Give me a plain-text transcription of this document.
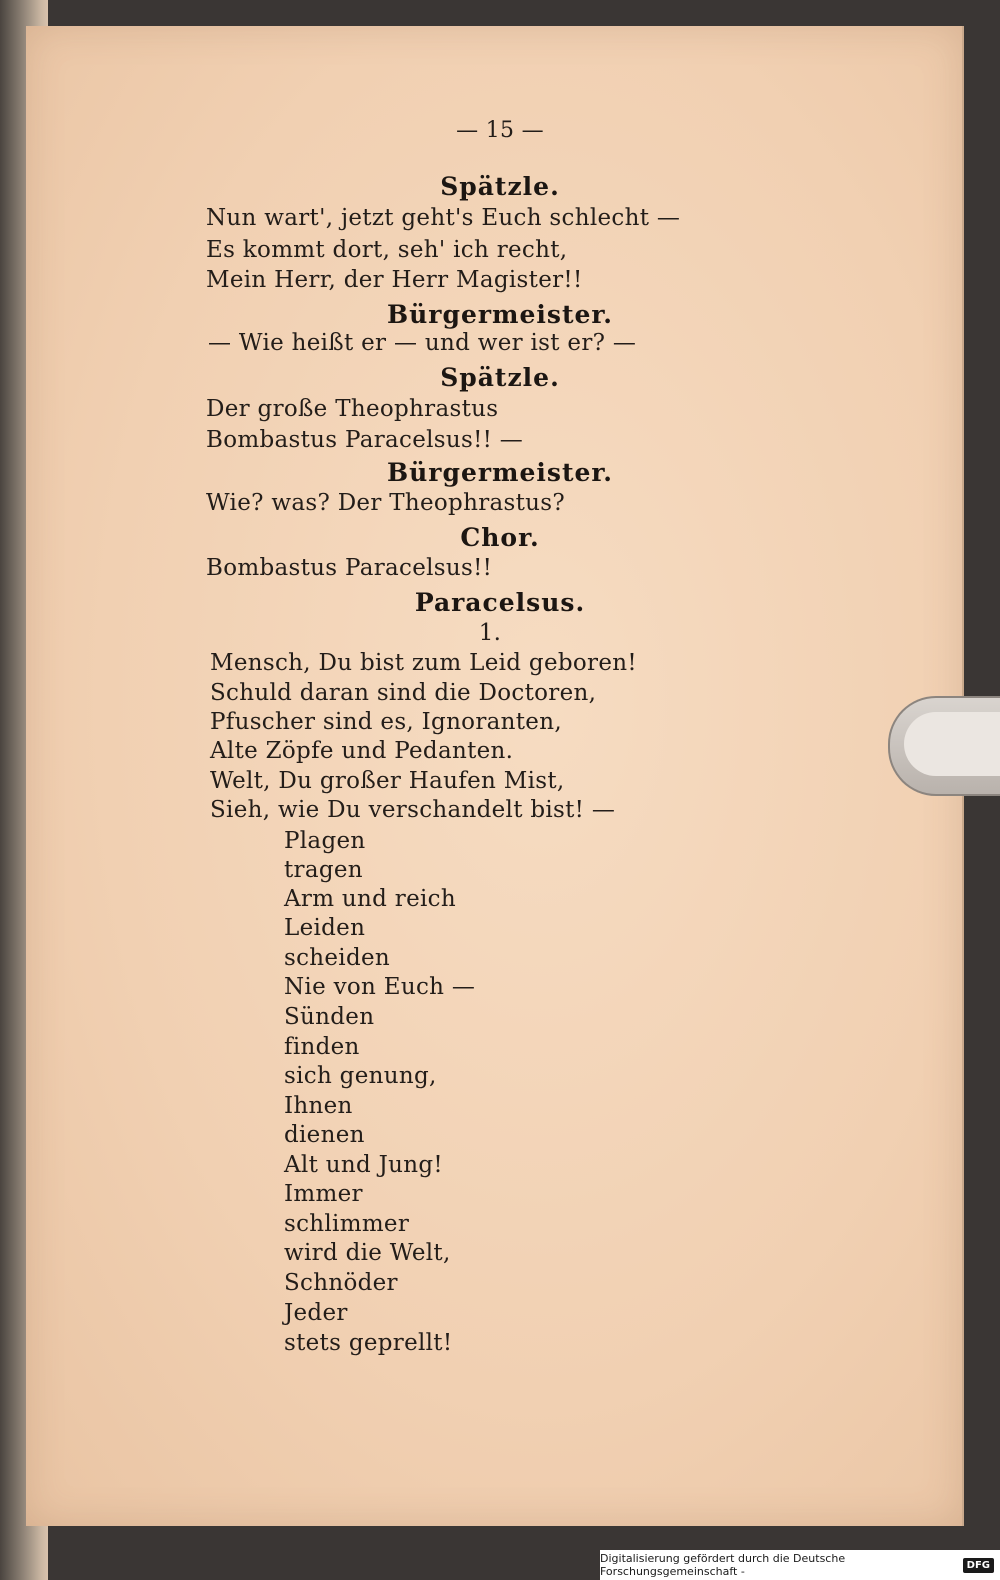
— 15 —
Spätzle.
Nun wart', jetzt geht's Euch schlecht —
Es kommt dort, seh' ich recht,
Mein Herr, der Herr Magister!!
Bürgermeister.
— Wie heißt er — und wer ist er? —
Spätzle.
Der große Theophrastus
Bombastus Paracelsus!! —
Bürgermeister.
Wie? was? Der Theophrastus?
Chor.
Bombastus Paracelsus!!
Paracelsus.
1.
Mensch, Du bist zum Leid geboren!
Schuld daran sind die Doctoren,
Pfuscher sind es, Ignoranten,
Alte Zöpfe und Pedanten.
Welt, Du großer Haufen Mist,
Sieh, wie Du verschandelt bist! —
Plagen
tragen
Arm und reich
Leiden
scheiden
Nie von Euch —
Sünden
finden
sich genung,
Ihnen
dienen
Alt und Jung!
Immer
schlimmer
wird die Welt,
Schnöder
Jeder
stets geprellt!
Digitalisierung gefördert durch die Deutsche Forschungsgemeinschaft -	DFG
